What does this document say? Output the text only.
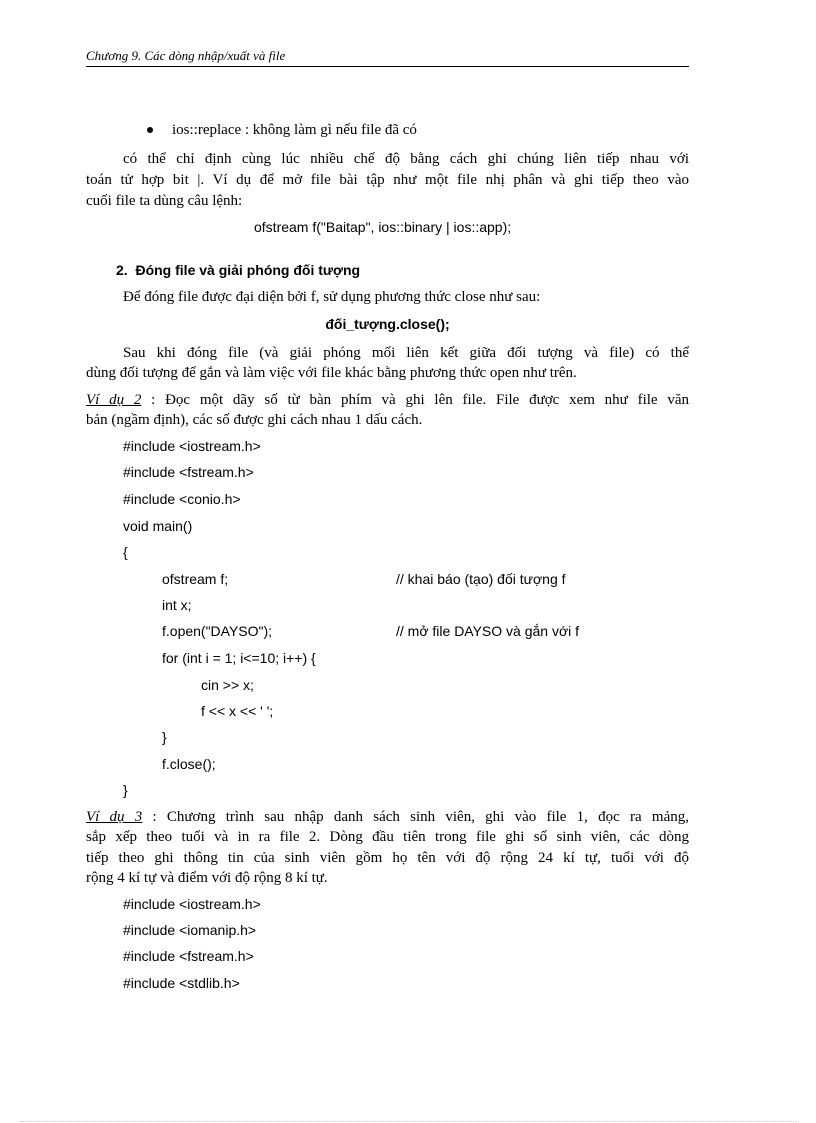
Chương 9. Các dòng nhập/xuất và file
ios::replace : không làm gì nếu file đã có
có thể chỉ định cùng lúc nhiều chế độ bằng cách ghi chúng liên tiếp nhau với
toán tử hợp bit |. Ví dụ để mở file bài tập như một file nhị phân và ghi tiếp theo vào
cuối file ta dùng câu lệnh:
ofstream f("Baitap", ios::binary | ios::app);
2. Đóng file và giải phóng đối tượng
Để đóng file được đại diện bởi f, sử dụng phương thức close như sau:
đối_tượng.close();
Sau khi đóng file (và giải phóng mối liên kết giữa đối tượng và file) có thể
dùng đối tượng để gắn và làm việc với file khác bằng phương thức open như trên.
Ví dụ 2 : Đọc một dãy số từ bàn phím và ghi lên file. File được xem như file văn
bản (ngầm định), các số được ghi cách nhau 1 dấu cách.
#include <iostream.h>
#include <fstream.h>
#include <conio.h>
void main()
{
ofstream f;	// khai báo (tạo) đối tượng f
int x;
f.open("DAYSO");	// mở file DAYSO và gắn với f
for (int i = 1; i<=10; i++) {
cin >> x;
f << x << ' ';
}
f.close();
}
Ví dụ 3 : Chương trình sau nhập danh sách sinh viên, ghi vào file 1, đọc ra mảng,
sắp xếp theo tuổi và in ra file 2. Dòng đầu tiên trong file ghi số sinh viên, các dòng
tiếp theo ghi thông tin của sinh viên gồm họ tên với độ rộng 24 kí tự, tuổi với độ
rộng 4 kí tự và điểm với độ rộng 8 kí tự.
#include <iostream.h>
#include <iomanip.h>
#include <fstream.h>
#include <stdlib.h>
